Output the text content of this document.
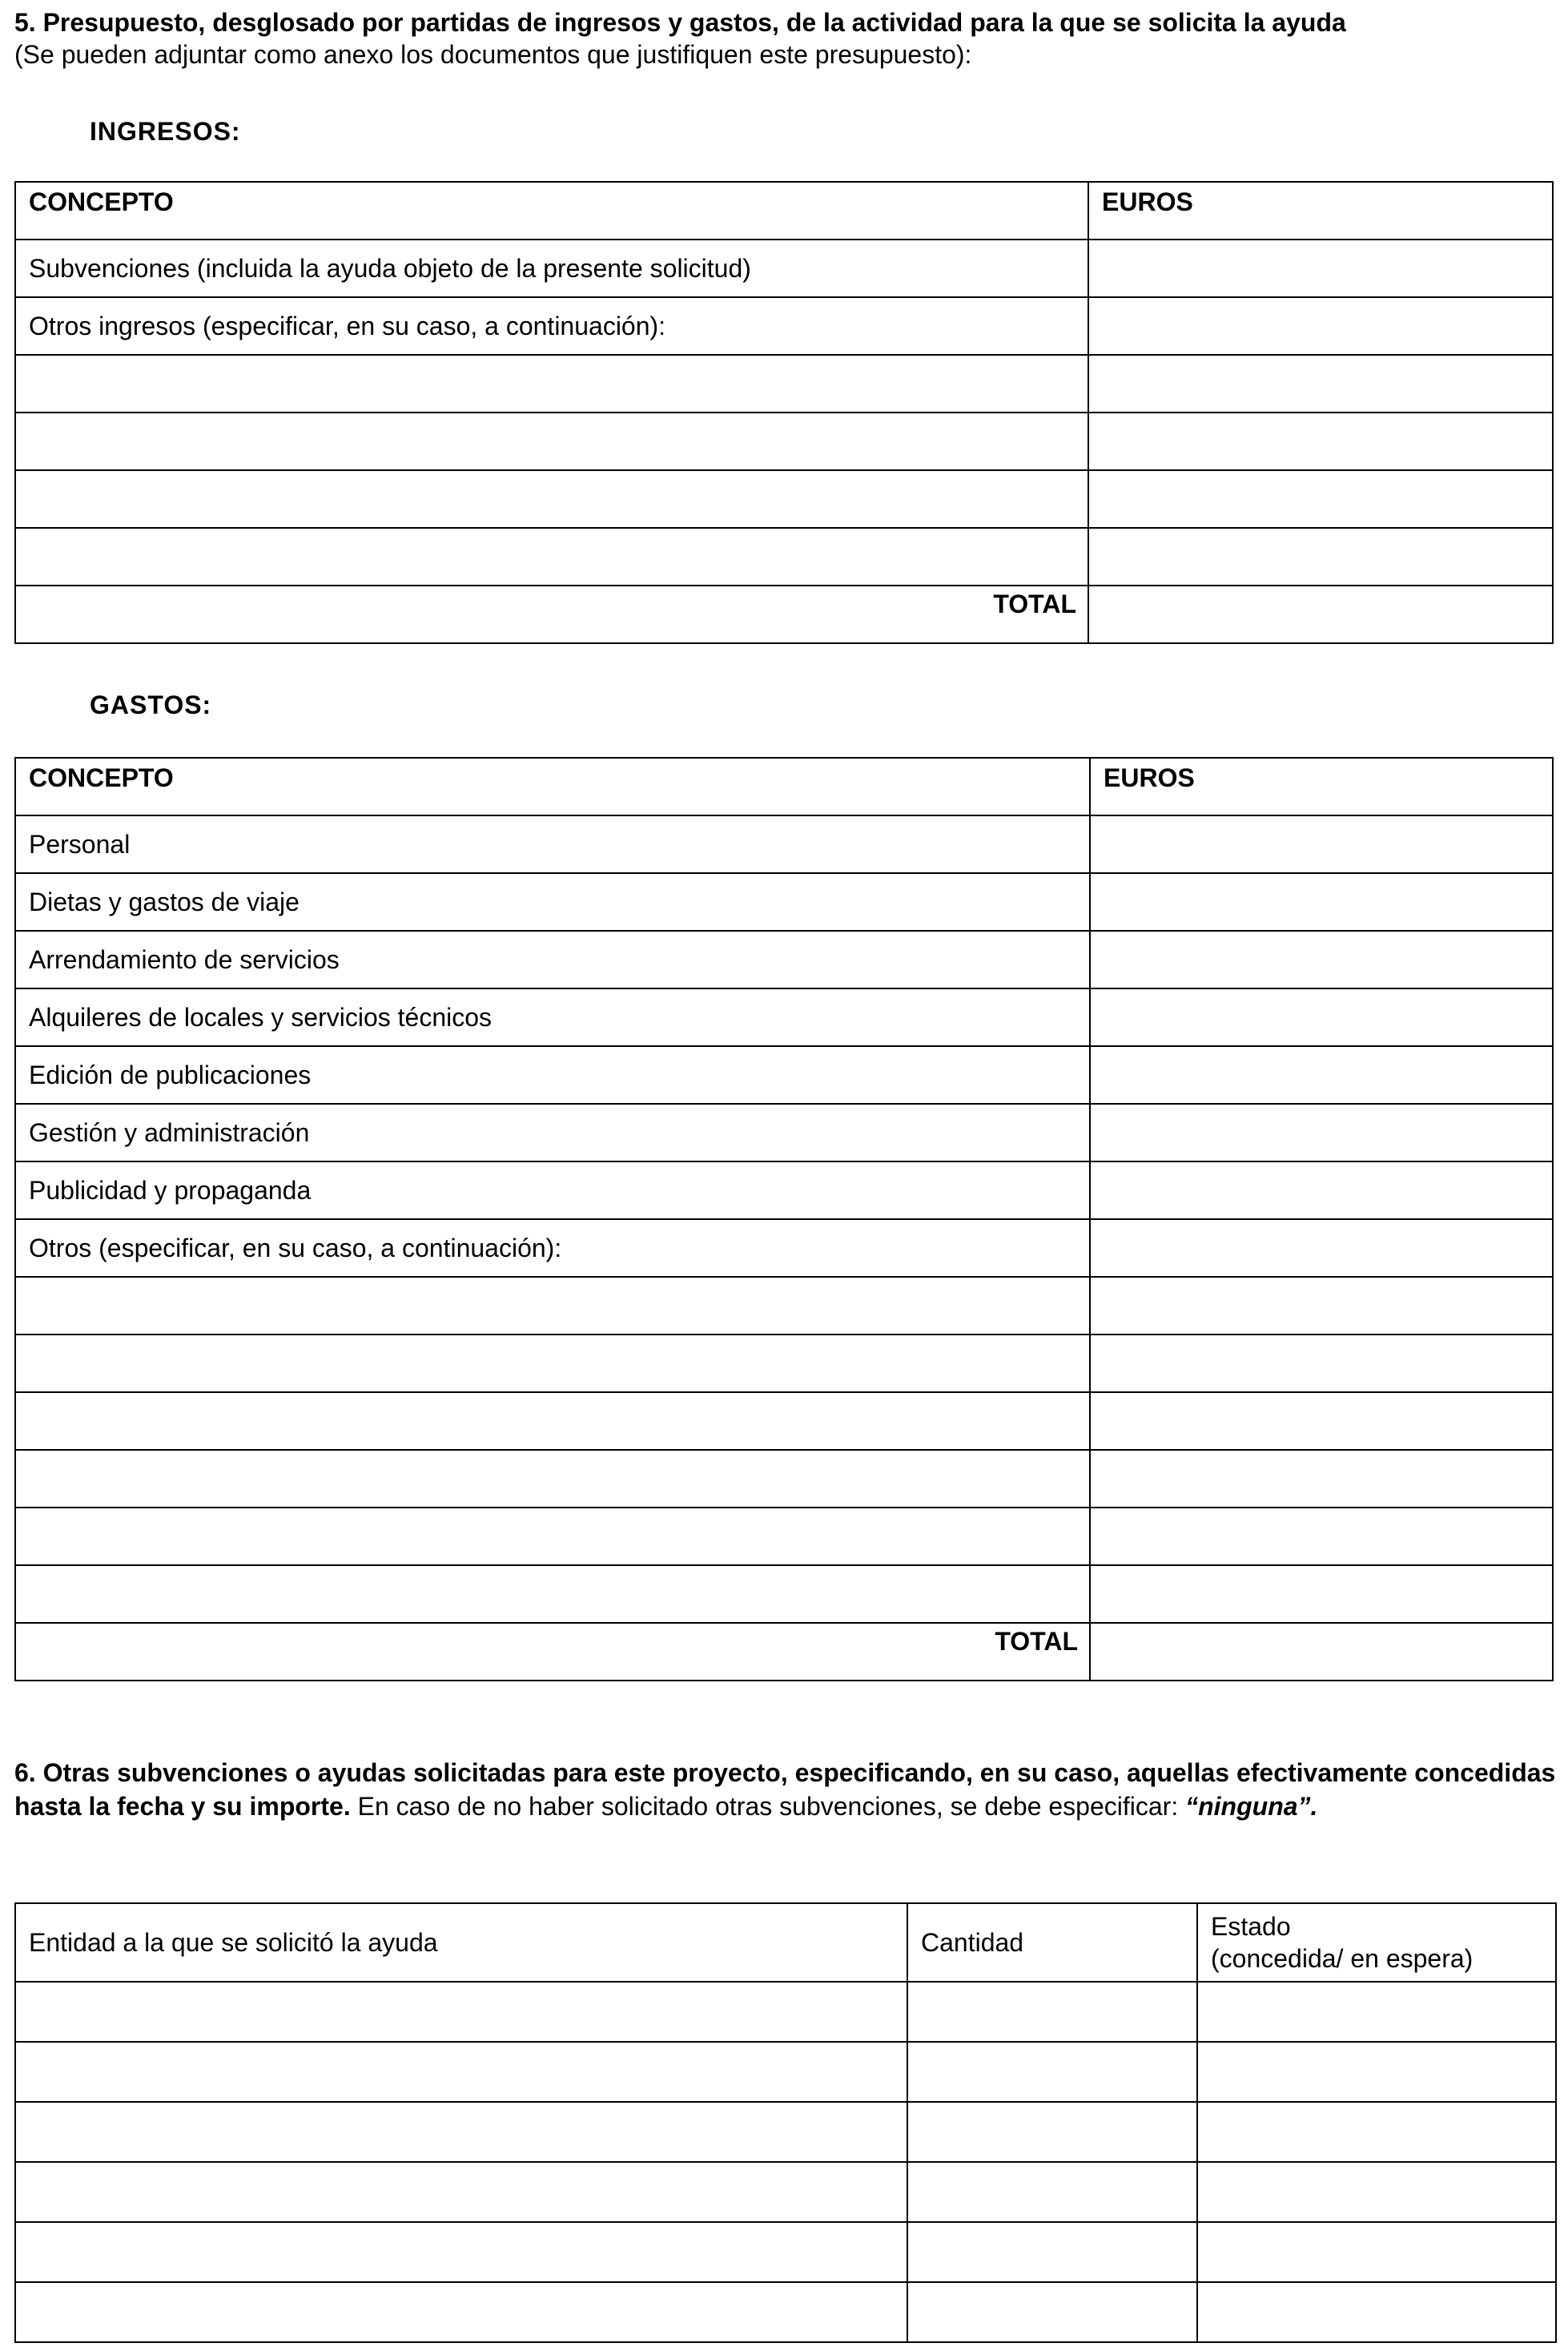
5. Presupuesto, desglosado por partidas de ingresos y gastos, de la actividad para la que se solicita la ayuda
(Se pueden adjuntar como anexo los documentos que justifiquen este presupuesto):
INGRESOS:
CONCEPTO	EUROS
Subvenciones (incluida la ayuda objeto de la presente solicitud)	
Otros ingresos (especificar, en su caso, a continuación):	

TOTAL	
GASTOS:
CONCEPTO	EUROS
Personal	
Dietas y gastos de viaje	
Arrendamiento de servicios	
Alquileres de locales y servicios técnicos	
Edición de publicaciones	
Gestión y administración	
Publicidad y propaganda	
Otros (especificar, en su caso, a continuación):	

TOTAL	
6. Otras subvenciones o ayudas solicitadas para este proyecto, especificando, en su caso, aquellas efectivamente concedidas hasta la fecha y su importe. En caso de no haber solicitado otras subvenciones, se debe especificar: “ninguna”.
Entidad a la que se solicitó la ayuda	Cantidad	Estado
(concedida/ en espera)
